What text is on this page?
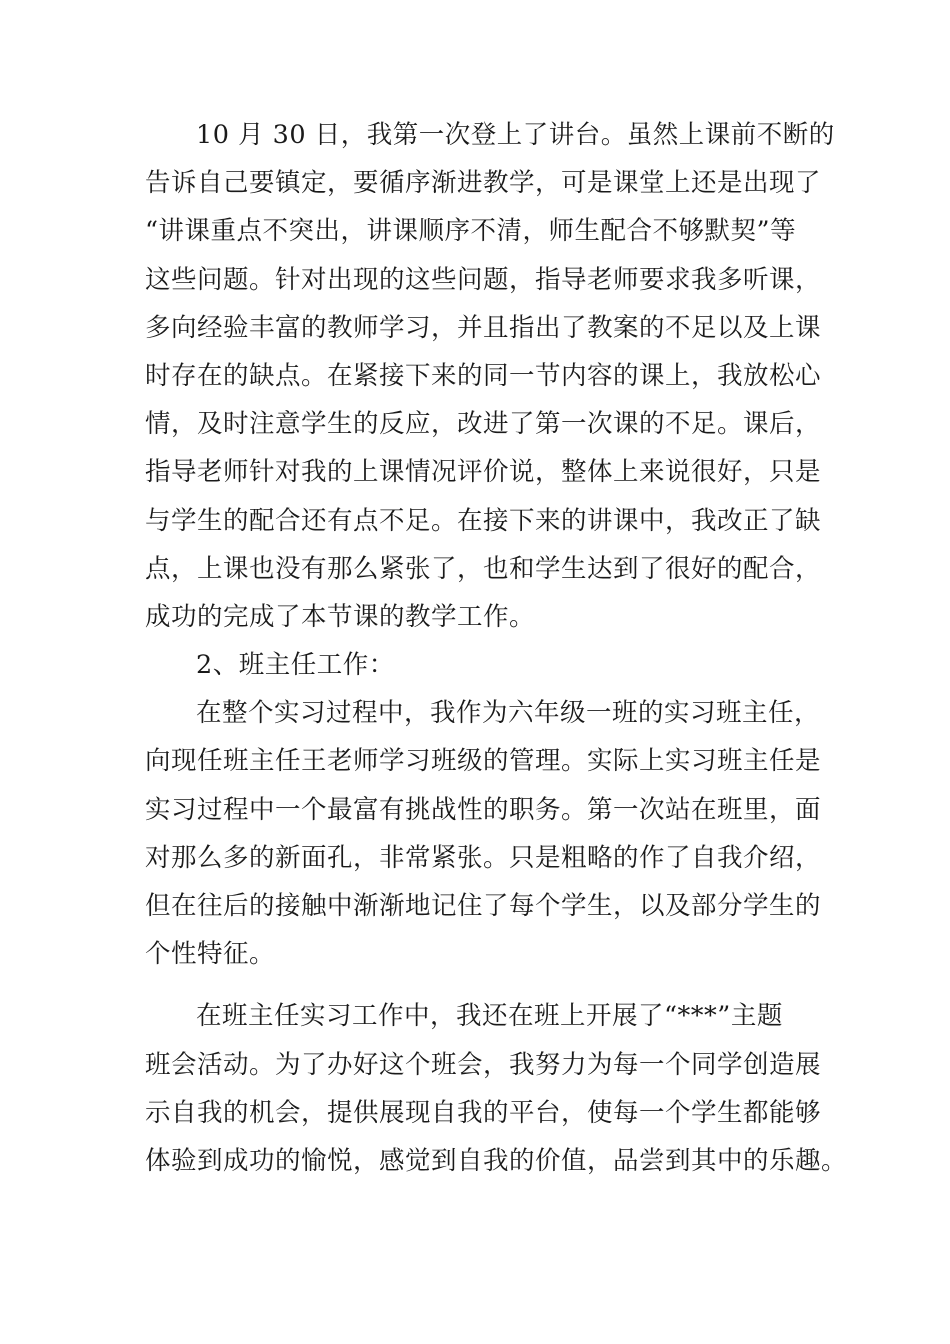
10 月 30 日，我第一次登上了讲台。虽然上课前不断的
告诉自己要镇定，要循序渐进教学，可是课堂上还是出现了
“讲课重点不突出，讲课顺序不清，师生配合不够默契”等
这些问题。针对出现的这些问题，指导老师要求我多听课，
多向经验丰富的教师学习，并且指出了教案的不足以及上课
时存在的缺点。在紧接下来的同一节内容的课上，我放松心
情，及时注意学生的反应，改进了第一次课的不足。课后，
指导老师针对我的上课情况评价说，整体上来说很好，只是
与学生的配合还有点不足。在接下来的讲课中，我改正了缺
点，上课也没有那么紧张了，也和学生达到了很好的配合，
成功的完成了本节课的教学工作。
2、班主任工作：
在整个实习过程中，我作为六年级一班的实习班主任，
向现任班主任王老师学习班级的管理。实际上实习班主任是
实习过程中一个最富有挑战性的职务。第一次站在班里，面
对那么多的新面孔，非常紧张。只是粗略的作了自我介绍，
但在往后的接触中渐渐地记住了每个学生，以及部分学生的
个性特征。
在班主任实习工作中，我还在班上开展了“***”主题
班会活动。为了办好这个班会，我努力为每一个同学创造展
示自我的机会，提供展现自我的平台，使每一个学生都能够
体验到成功的愉悦，感觉到自我的价值，品尝到其中的乐趣。
